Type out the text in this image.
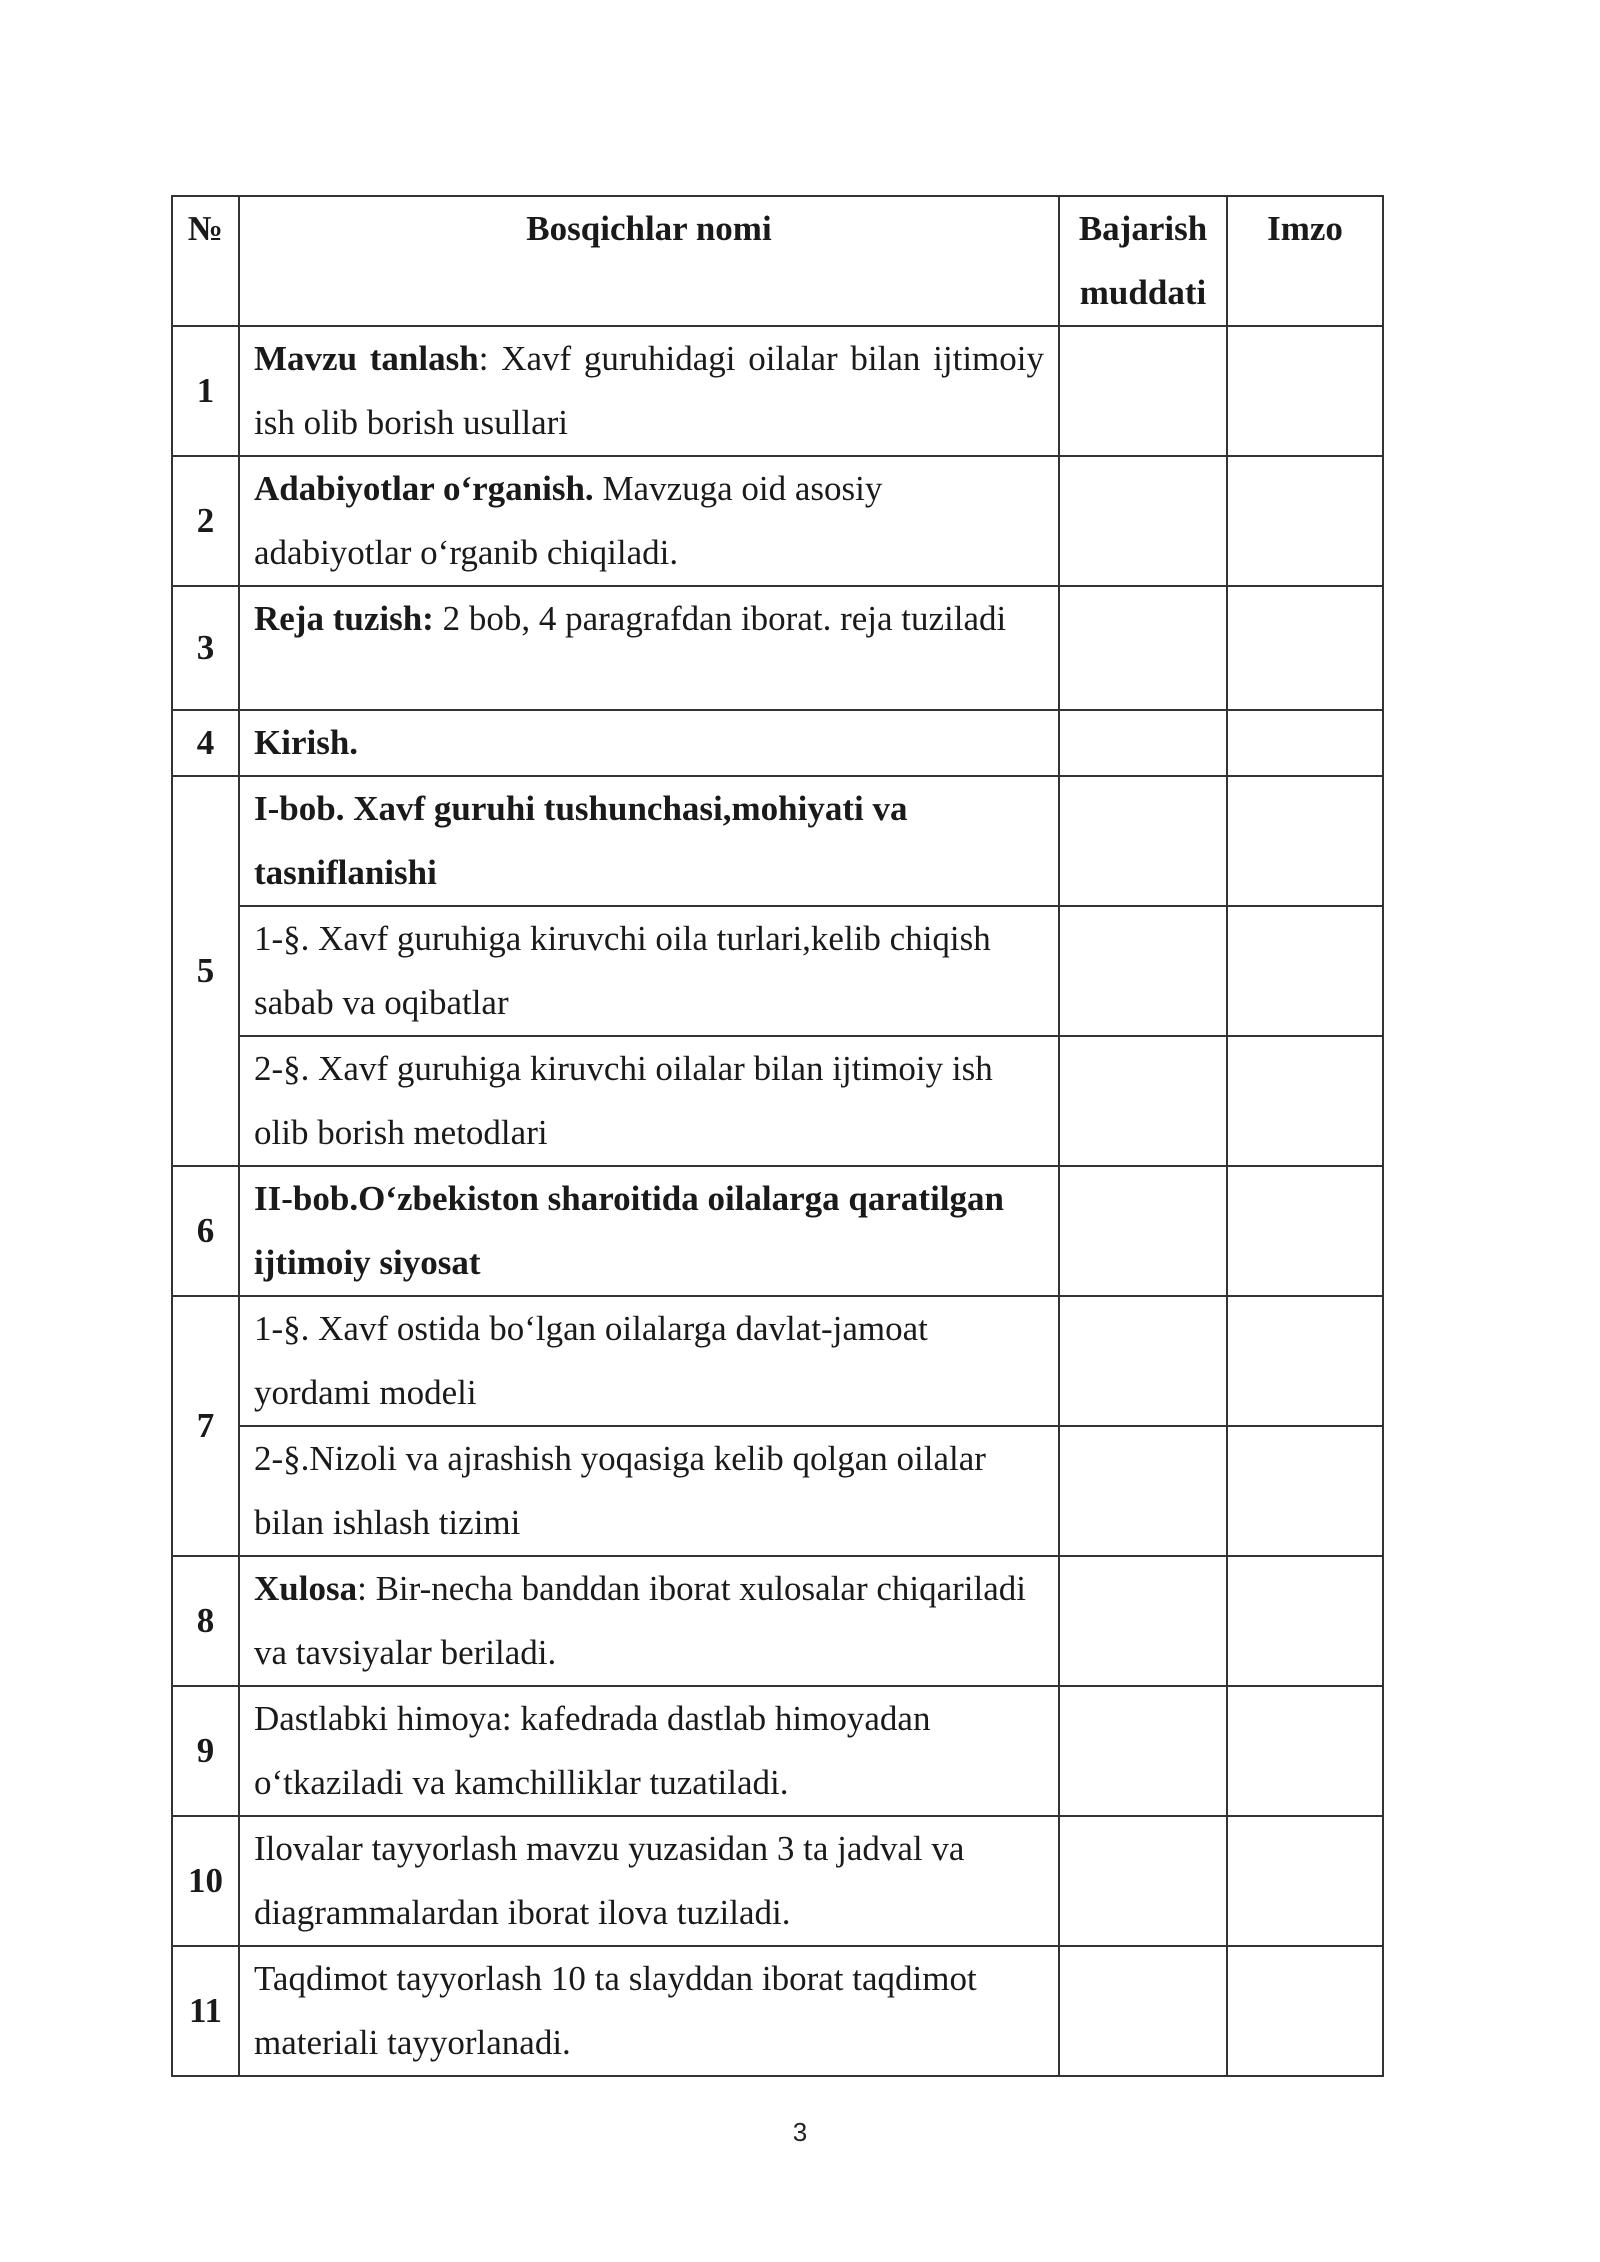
№	Bosqichlar nomi	Bajarish muddati	Imzo
1	Mavzu tanlash: Xavf guruhidagi oilalar bilan ijtimoiy ish olib borish usullari		
2	Adabiyotlar o‘rganish. Mavzuga oid asosiy adabiyotlar o‘rganib chiqiladi.		
3	Reja tuzish: 2 bob, 4 paragrafdan iborat. reja tuziladi		
4	Kirish.		
5	I-bob. Xavf guruhi tushunchasi,mohiyati va tasniflanishi		
	1-§. Xavf guruhiga kiruvchi oila turlari,kelib chiqish sabab va oqibatlar		
	2-§. Xavf guruhiga kiruvchi oilalar bilan ijtimoiy ish olib borish metodlari		
6	II-bob.O‘zbekiston sharoitida oilalarga qaratilgan ijtimoiy siyosat		
7	1-§. Xavf ostida bo‘lgan oilalarga davlat-jamoat yordami modeli		
	2-§.Nizoli va ajrashish yoqasiga kelib qolgan oilalar bilan ishlash tizimi		
8	Xulosa: Bir-necha banddan iborat xulosalar chiqariladi va tavsiyalar beriladi.		
9	Dastlabki himoya: kafedrada dastlab himoyadan o‘tkaziladi va kamchilliklar tuzatiladi.		
10	Ilovalar tayyorlash mavzu yuzasidan 3 ta jadval va diagrammalardan iborat ilova tuziladi.		
11	Taqdimot tayyorlash 10 ta slayddan iborat taqdimot materiali tayyorlanadi.		
3
